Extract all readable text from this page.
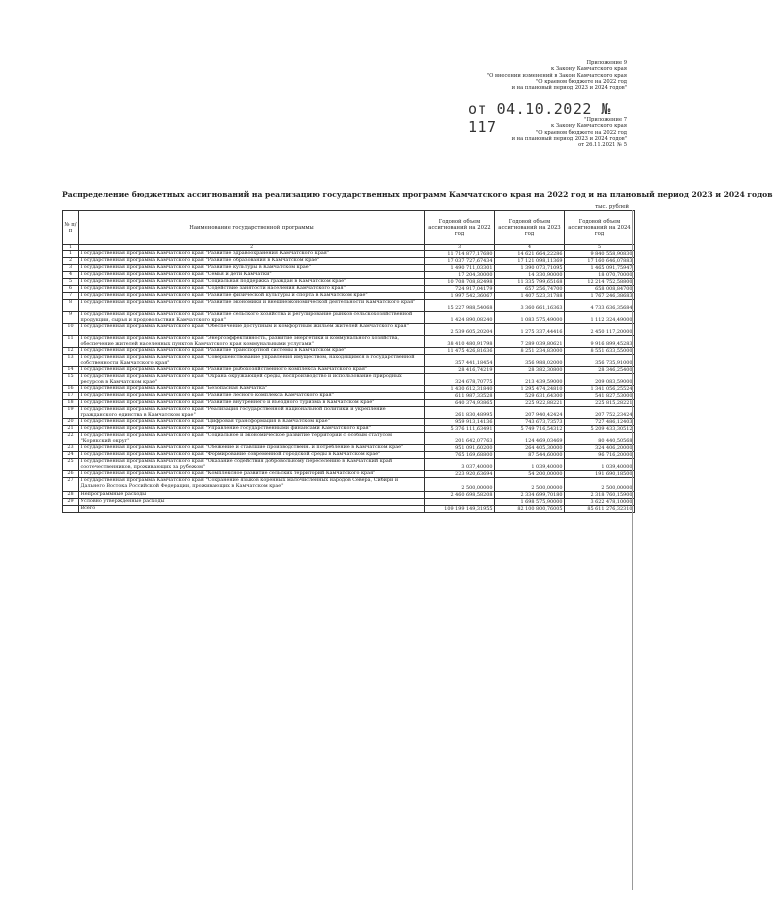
Приложение 9
к Закону Камчатского края
"О внесении изменений в Закон Камчатского края
"О краевом бюджете на 2022 год
и на плановый период 2023 и 2024 годов"
от 04.10.2022 № 117	"Приложение 7
к Закону Камчатского края
"О краевом бюджете на 2022 год
и на плановый период 2023 и 2024 годов"
от 26.11.2021 № 5
Распределение бюджетных ассигнований на реализацию государственных программ Камчатского края на 2022 год и на плановый период 2023 и 2024 годов
тыс. рублей
№ п/п	Наименование государственной программы	Годовой объем ассигнований на 2022 год	Годовой объем ассигнований на 2023 год	Годовой объем ассигнований на 2024 год
1	2	3	4	5
1	Государственная программа Камчатского края "Развитие здравоохранения Камчатского края"	11 714 877,17680	14 621 664,22286	9 840 558,90830
2	Государственная программа Камчатского края "Развитие образования в Камчатском крае"	17 037 727,67434	17 121 098,11369	17 160 646,07883
3	Государственная программа Камчатского края "Развитие культуры в Камчатском крае"	1 490 711,03301	1 390 073,71095	1 465 091,75947
4	Государственная программа Камчатского края "Семья и дети Камчатки"	17 204,30000	14 330,90000	18 070,70000
5	Государственная программа Камчатского края "Социальная поддержка граждан в Камчатском крае"	10 708 708,82498	11 335 799,65168	12 214 752,58800
6	Государственная программа Камчатского края "Содействие занятости населения Камчатского края"	724 917,04179	657 256,74700	658 008,84700
7	Государственная программа Камчатского края "Развитие физической культуры и спорта в Камчатском крае"	1 997 542,36067	1 407 523,31788	1 767 246,38683
8	Государственная программа Камчатского края "Развитие экономики и внешнеэкономической деятельности Камчатского края"	15 227 988,54068	3 360 661,16363	4 733 636,35684
9	Государственная программа Камчатского края "Развитие сельского хозяйства и регулирование рынков сельскохозяйственной продукции, сырья и продовольствия Камчатского края"	1 424 890,08240	1 083 575,49000	1 112 324,49000
10	Государственная программа Камчатского края "Обеспечение доступным и комфортным жильем жителей Камчатского края"	2 539 605,20204	1 275 337,44416	2 450 117,20000
11	Государственная программа Камчатского края "Энергоэффективность, развитие энергетики и коммунального хозяйства, обеспечение жителей населенных пунктов Камчатского края коммунальными услугами"	38 410 480,91798	7 289 039,80621	9 916 899,45283
12	Государственная программа Камчатского края "Развитие транспортной системы в Камчатском крае"	11 475 426,81636	8 251 234,83000	8 551 633,55000
13	Государственная программа Камчатского края "Совершенствование управления имуществом, находящимся в государственной собственности Камчатского края"	357 441,18454	356 988,02000	356 735,91000
14	Государственная программа Камчатского края "Развитие рыбохозяйственного комплекса Камчатского края"	28 416,74219	28 382,30800	28 346,25400
15	Государственная программа Камчатского края "Охрана окружающей среды, воспроизводство и использование природных ресурсов в Камчатском крае"	324 678,70775	213 439,59000	209 083,59000
16	Государственная программа Камчатского края "Безопасная Камчатка"	1 430 612,31840	1 295 474,24810	1 341 056,25524
17	Государственная программа Камчатского края "Развитие лесного комплекса Камчатского края"	611 987,33528	529 631,64300	541 827,53000
18	Государственная программа Камчатского края "Развитие внутреннего и въездного туризма в Камчатском крае"	640 374,93865	225 922,88221	225 815,28221
19	Государственная программа Камчатского края "Реализация государственной национальной политики и укрепление гражданского единства в Камчатском крае"	261 830,48995	207 940,42424	207 752,23424
20	Государственная программа Камчатского края "Цифровая трансформация в Камчатском крае"	959 913,14136	743 673,73573	727 486,12403
21	Государственная программа Камчатского края "Управление государственными финансами Камчатского края"	5 376 111,63491	5 749 716,54312	5 209 433,30512
22	Государственная программа Камчатского края "Социальное и экономическое развитие территории с особым статусом "Корякский округ"	201 642,07763	124 469,03469	80 440,50568
23	Государственная программа Камчатского края "Сбежение и ставлшие производственн. и потребление в Камчатском крае"	951 091,60200	264 405,30000	324 406,20000
24	Государственная программа Камчатского края "Формирование современной городской среды в Камчатском крае"	765 169,68800	87 544,60000	96 716,20000
25	Государственная программа Камчатского края "Оказание содействия добровольному переселению в Камчатский край соотечественников, проживающих за рубежом"	3 037,40000	1 039,40000	1 039,40000
26	Государственная программа Камчатского края "Комплексное развитие сельских территорий Камчатского края"	223 920,63694	54 200,00000	191 690,18500
27	Государственная программа Камчатского края "Сохранение языков коренных малочисленных народов Севера, Сибири и Дальнего Востока Российской Федерации, проживающих в Камчатском крае"	2 500,00000	2 500,00000	2 500,00000
28	Непрограммные расходы	2 460 698,58208	2 334 699,70180	2 318 760,15900
29	Условно утвержденные расходы		1 698 575,90000	3 622 478,10000
	Всего	109 199 149,31955	82 100 800,76005	85 611 276,32310
